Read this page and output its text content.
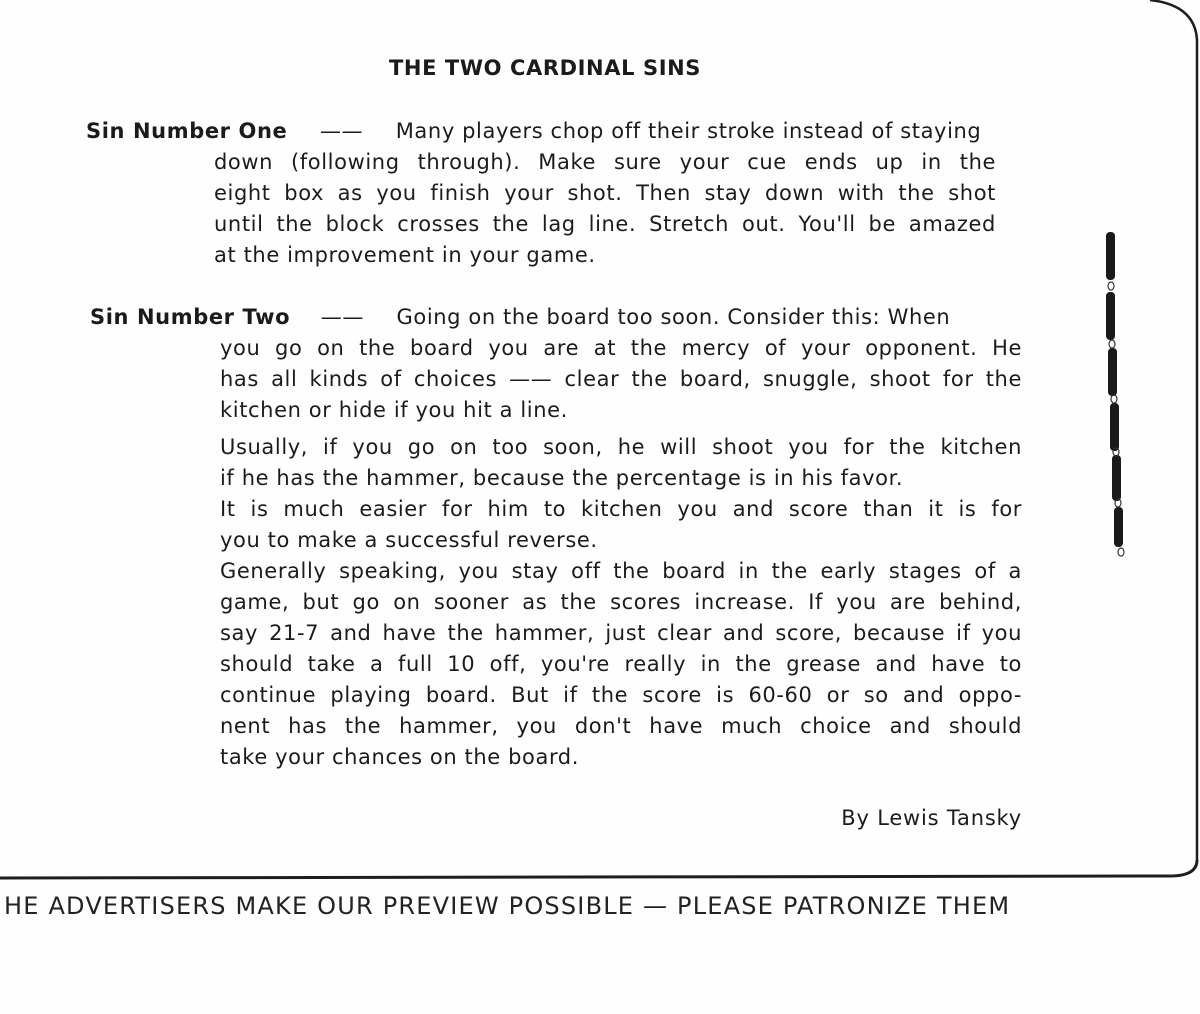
THE TWO CARDINAL SINS
Sin Number One —— Many players chop off their stroke instead of staying
down (following through). Make sure your cue ends up in the
eight box as you finish your shot. Then stay down with the shot
until the block crosses the lag line. Stretch out. You'll be amazed
at the improvement in your game.
Sin Number Two —— Going on the board too soon. Consider this: When
you go on the board you are at the mercy of your opponent. He
has all kinds of choices —— clear the board, snuggle, shoot for the
kitchen or hide if you hit a line.
Usually, if you go on too soon, he will shoot you for the kitchen
if he has the hammer, because the percentage is in his favor.
It is much easier for him to kitchen you and score than it is for
you to make a successful reverse.
Generally speaking, you stay off the board in the early stages of a
game, but go on sooner as the scores increase. If you are behind,
say 21-7 and have the hammer, just clear and score, because if you
should take a full 10 off, you're really in the grease and have to
continue playing board. But if the score is 60-60 or so and oppo-
nent has the hammer, you don't have much choice and should
take your chances on the board.
By Lewis Tansky
HE ADVERTISERS MAKE OUR PREVIEW POSSIBLE — PLEASE PATRONIZE THEM
